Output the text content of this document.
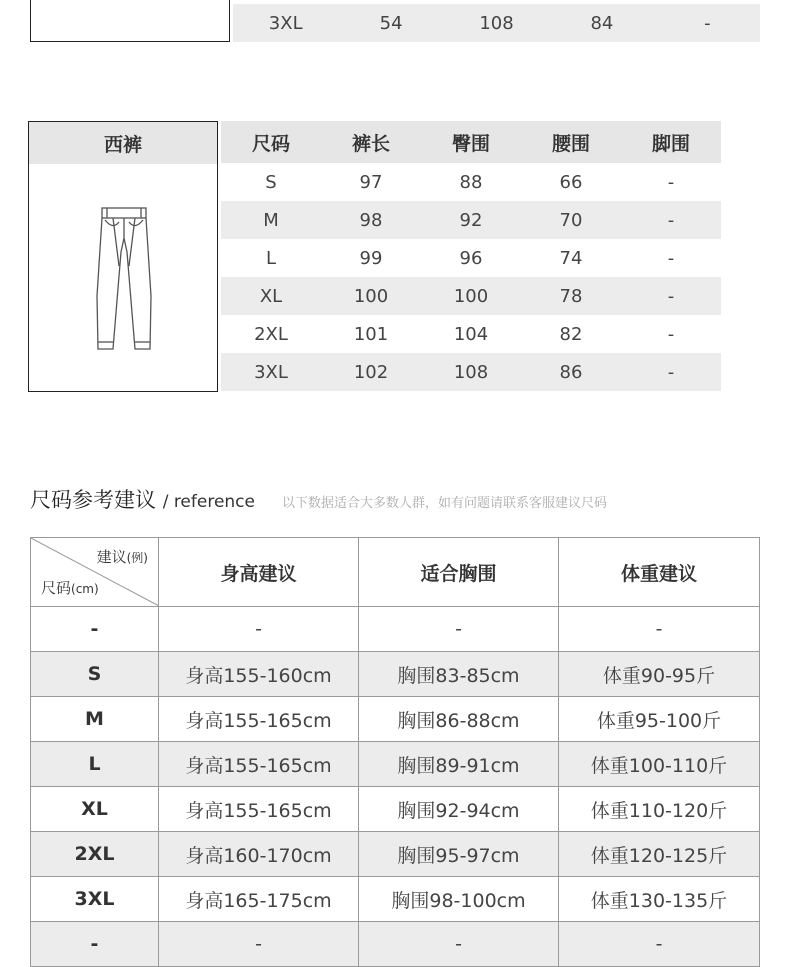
3XL	54	108	84	-
西裤	尺码	裤长	臀围	腰围	脚围
S	97	88	66	-
M	98	92	70	-
L	99	96	74	-
XL	100	100	78	-
2XL	101	104	82	-
3XL	102	108	86	-
尺码参考建议 / reference 以下数据适合大多数人群，如有问题请联系客服建议尺码
建议(例)
尺码(cm)	身高建议	适合胸围	体重建议
-	-	-	-
S	身高155-160cm	胸围83-85cm	体重90-95斤
M	身高155-165cm	胸围86-88cm	体重95-100斤
L	身高155-165cm	胸围89-91cm	体重100-110斤
XL	身高155-165cm	胸围92-94cm	体重110-120斤
2XL	身高160-170cm	胸围95-97cm	体重120-125斤
3XL	身高165-175cm	胸围98-100cm	体重130-135斤
-	-	-	-
